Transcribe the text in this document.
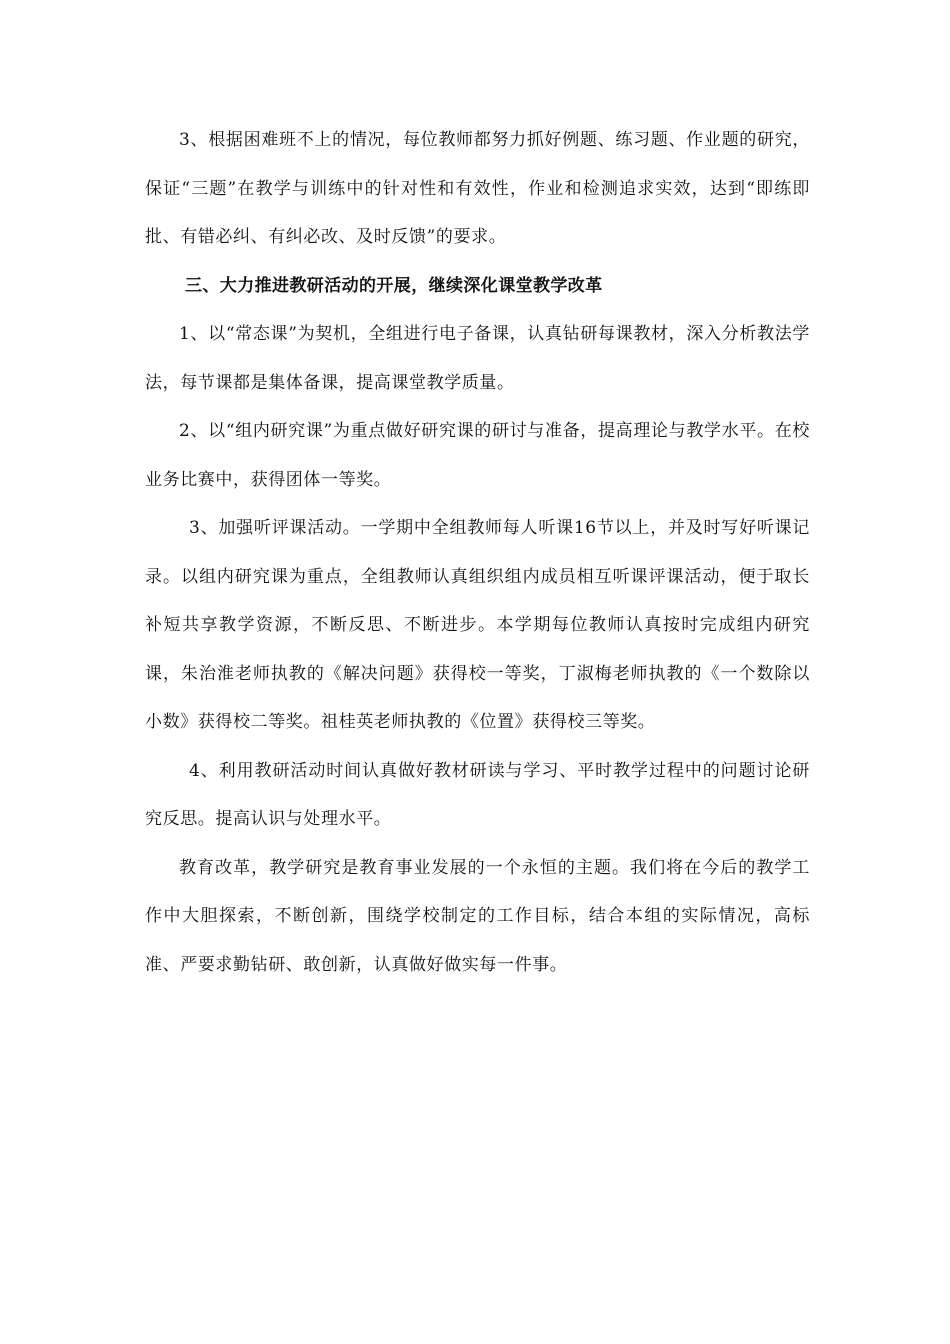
3、根据困难班不上的情况，每位教师都努力抓好例题、练习题、作业题的研究，保证“三题”在教学与训练中的针对性和有效性，作业和检测追求实效，达到“即练即批、有错必纠、有纠必改、及时反馈”的要求。

三、大力推进教研活动的开展，继续深化课堂教学改革

1、以“常态课”为契机，全组进行电子备课，认真钻研每课教材，深入分析教法学法，每节课都是集体备课，提高课堂教学质量。

2、以“组内研究课”为重点做好研究课的研讨与准备，提高理论与教学水平。在校业务比赛中，获得团体一等奖。

3、加强听评课活动。一学期中全组教师每人听课16节以上，并及时写好听课记录。以组内研究课为重点，全组教师认真组织组内成员相互听课评课活动，便于取长补短共享教学资源，不断反思、不断进步。本学期每位教师认真按时完成组内研究课，朱治淮老师执教的《解决问题》获得校一等奖，丁淑梅老师执教的《一个数除以小数》获得校二等奖。祖桂英老师执教的《位置》获得校三等奖。

4、利用教研活动时间认真做好教材研读与学习、平时教学过程中的问题讨论研究反思。提高认识与处理水平。

教育改革，教学研究是教育事业发展的一个永恒的主题。我们将在今后的教学工作中大胆探索，不断创新，围绕学校制定的工作目标，结合本组的实际情况，高标准、严要求勤钻研、敢创新，认真做好做实每一件事。
